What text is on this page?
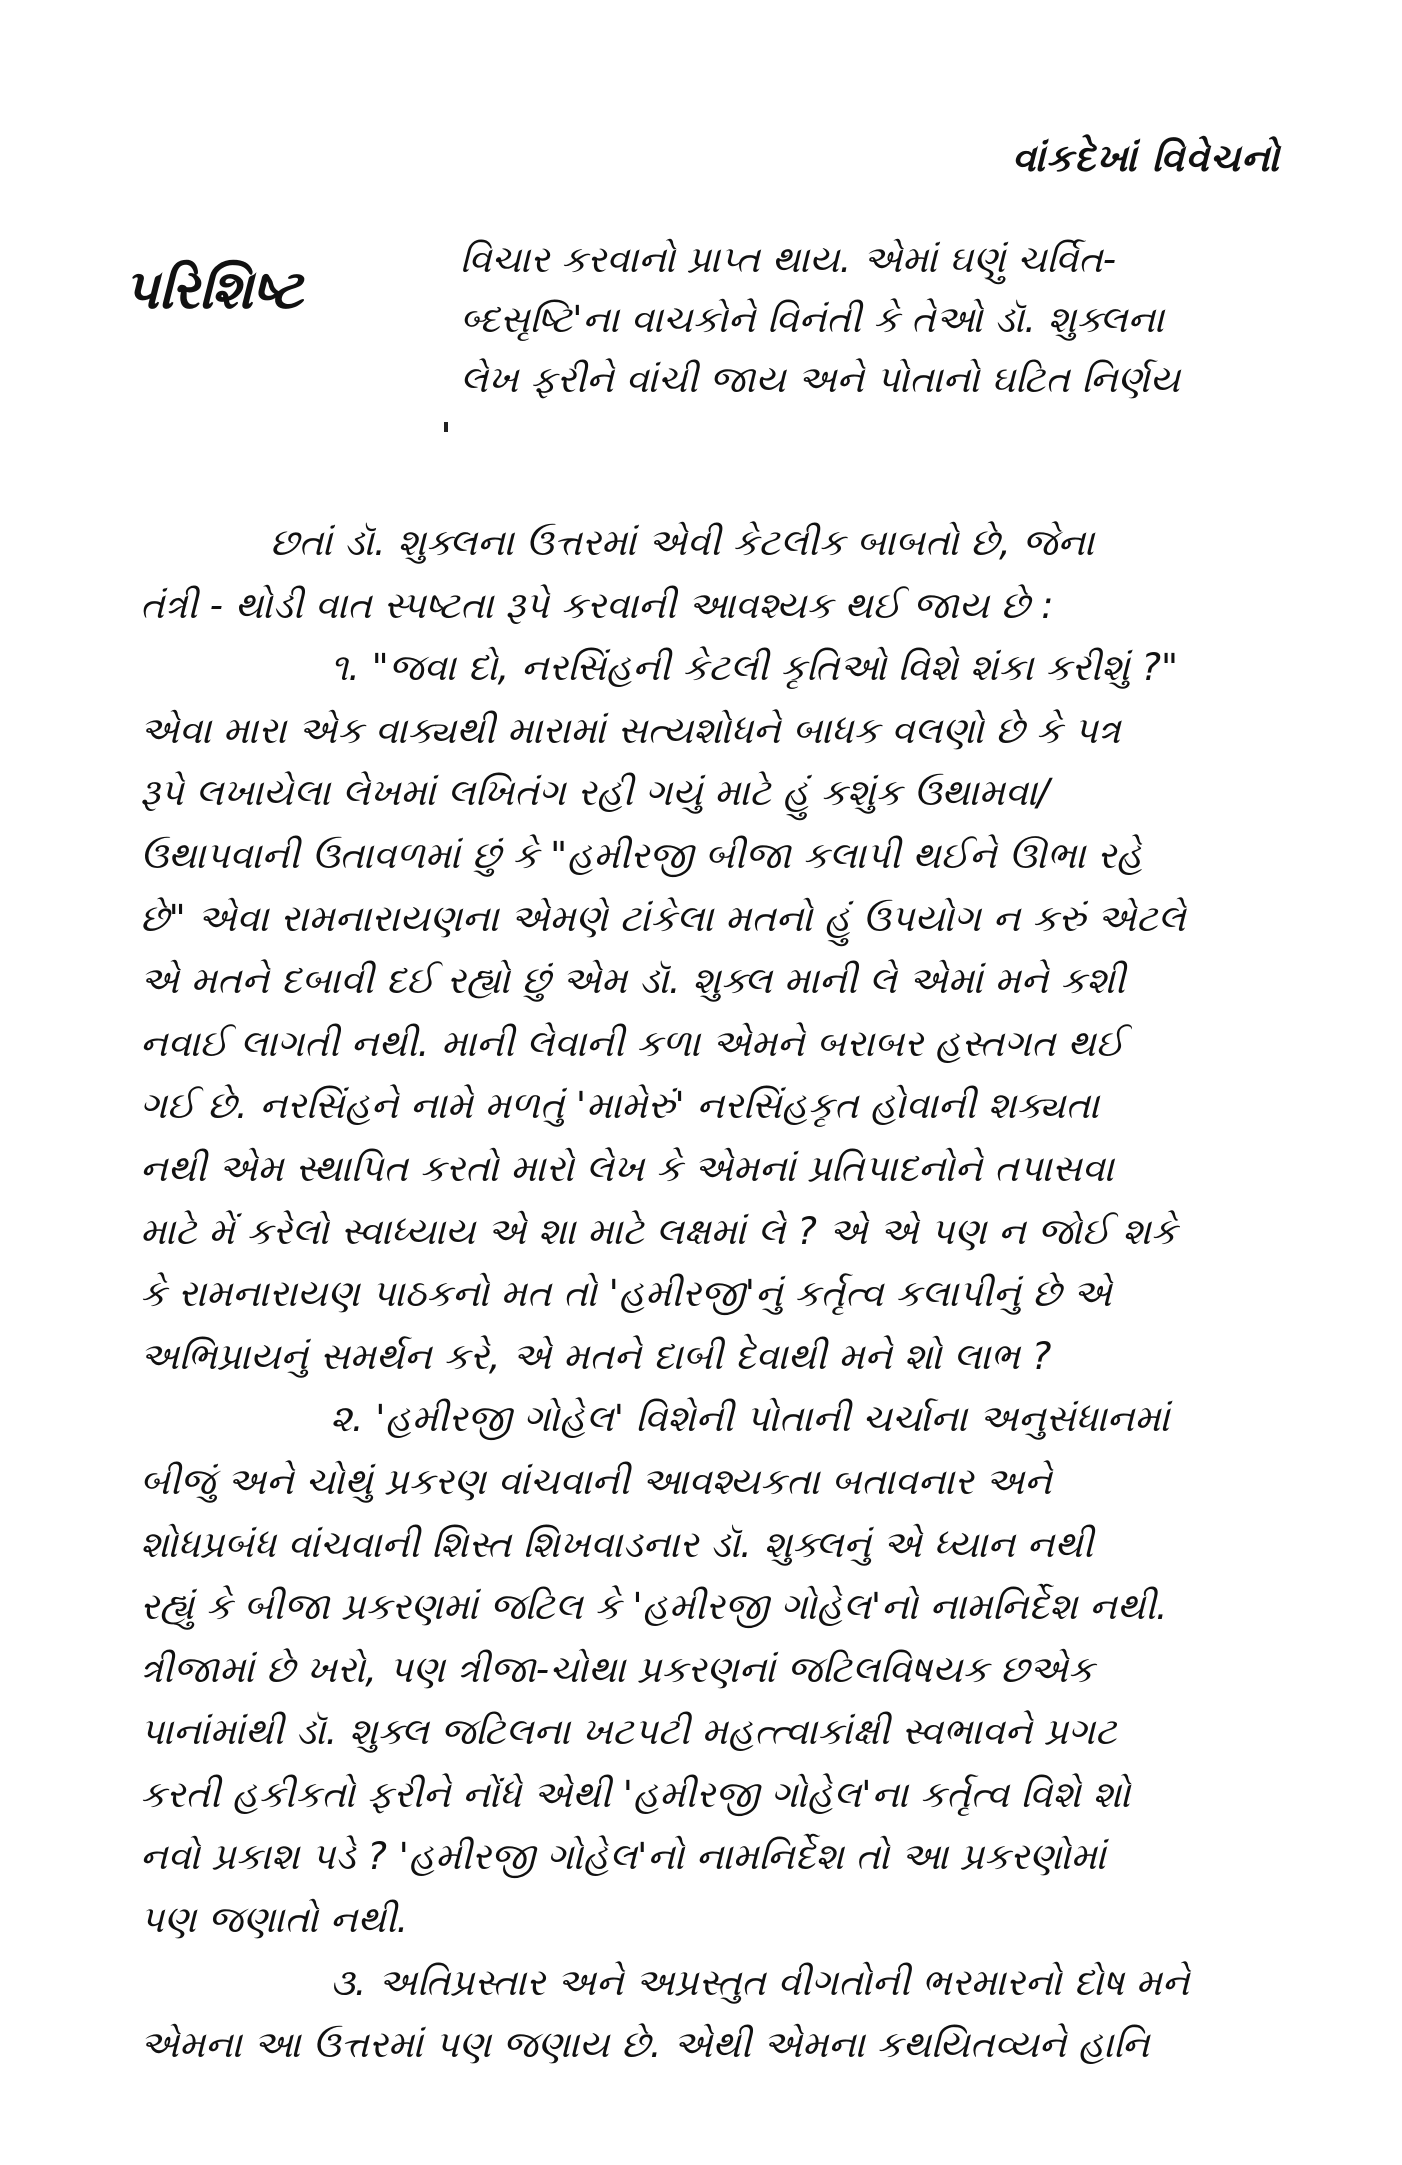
વાંકદેખાં વિવેચનો
પરિશિષ્ટ	વિચાર કરવાનો પ્રાપ્ત થાય. એમાં ઘણું ચર્વિત-
બ્દસૃષ્ટિ'ના વાચકોને વિનંતી કે તેઓ ડૉ. શુક્લના
લેખ ફરીને વાંચી જાય અને પોતાનો ઘટિત નિર્ણય
છતાં ડૉ. શુક્લના ઉત્તરમાં એવી કેટલીક બાબતો છે, જેના
તંત્રી - થોડી વાત સ્પષ્ટતા રૂપે કરવાની આવશ્યક થઈ જાય છે :
૧. "જવા દો, નરસિંહની કેટલી કૃતિઓ વિશે શંકા કરીશું ?"
એવા મારા એક વાક્યથી મારામાં સત્યશોધને બાધક વલણો છે કે પત્ર
રૂપે લખાયેલા લેખમાં લખિતંગ રહી ગયું માટે હું કશુંક ઉથામવા/
ઉથાપવાની ઉતાવળમાં છું કે "હમીરજી બીજા કલાપી થઈને ઊભા રહે
છે" એવા રામનારાયણના એમણે ટાંકેલા મતનો હું ઉપયોગ ન કરું એટલે
એ મતને દબાવી દઈ રહ્યો છું એમ ડૉ. શુક્લ માની લે એમાં મને કશી
નવાઈ લાગતી નથી. માની લેવાની કળા એમને બરાબર હસ્તગત થઈ
ગઈ છે. નરસિંહને નામે મળતું 'મામેરું' નરસિંહકૃત હોવાની શક્યતા
નથી એમ સ્થાપિત કરતો મારો લેખ કે એમનાં પ્રતિપાદનોને તપાસવા
માટે મેં કરેલો સ્વાધ્યાય એ શા માટે લક્ષમાં લે ? એ એ પણ ન જોઈ શકે
કે રામનારાયણ પાઠકનો મત તો 'હમીરજી'નું કર્તૃત્વ કલાપીનું છે એ
અભિપ્રાયનું સમર્થન કરે, એ મતને દાબી દેવાથી મને શો લાભ ?
૨. 'હમીરજી ગોહેલ' વિશેની પોતાની ચર્ચાના અનુસંધાનમાં
બીજું અને ચોથું પ્રકરણ વાંચવાની આવશ્યકતા બતાવનાર અને
શોધપ્રબંધ વાંચવાની શિસ્ત શિખવાડનાર ડૉ. શુક્લનું એ ધ્યાન નથી
રહ્યું કે બીજા પ્રકરણમાં જટિલ કે 'હમીરજી ગોહેલ'નો નામનિર્દેશ નથી.
ત્રીજામાં છે ખરો, પણ ત્રીજા-ચોથા પ્રકરણનાં જટિલવિષયક છએક
પાનાંમાંથી ડૉ. શુક્લ જટિલના ખટપટી મહત્ત્વાકાંક્ષી સ્વભાવને પ્રગટ
કરતી હકીકતો ફરીને નોંધે એથી 'હમીરજી ગોહેલ'ના કર્તૃત્વ વિશે શો
નવો પ્રકાશ પડે ? 'હમીરજી ગોહેલ'નો નામનિર્દેશ તો આ પ્રકરણોમાં
પણ જણાતો નથી.
૩. અતિપ્રસ્તાર અને અપ્રસ્તુત વીગતોની ભરમારનો દોષ મને
એમના આ ઉત્તરમાં પણ જણાય છે. એથી એમના કથયિતવ્યને હાનિ
